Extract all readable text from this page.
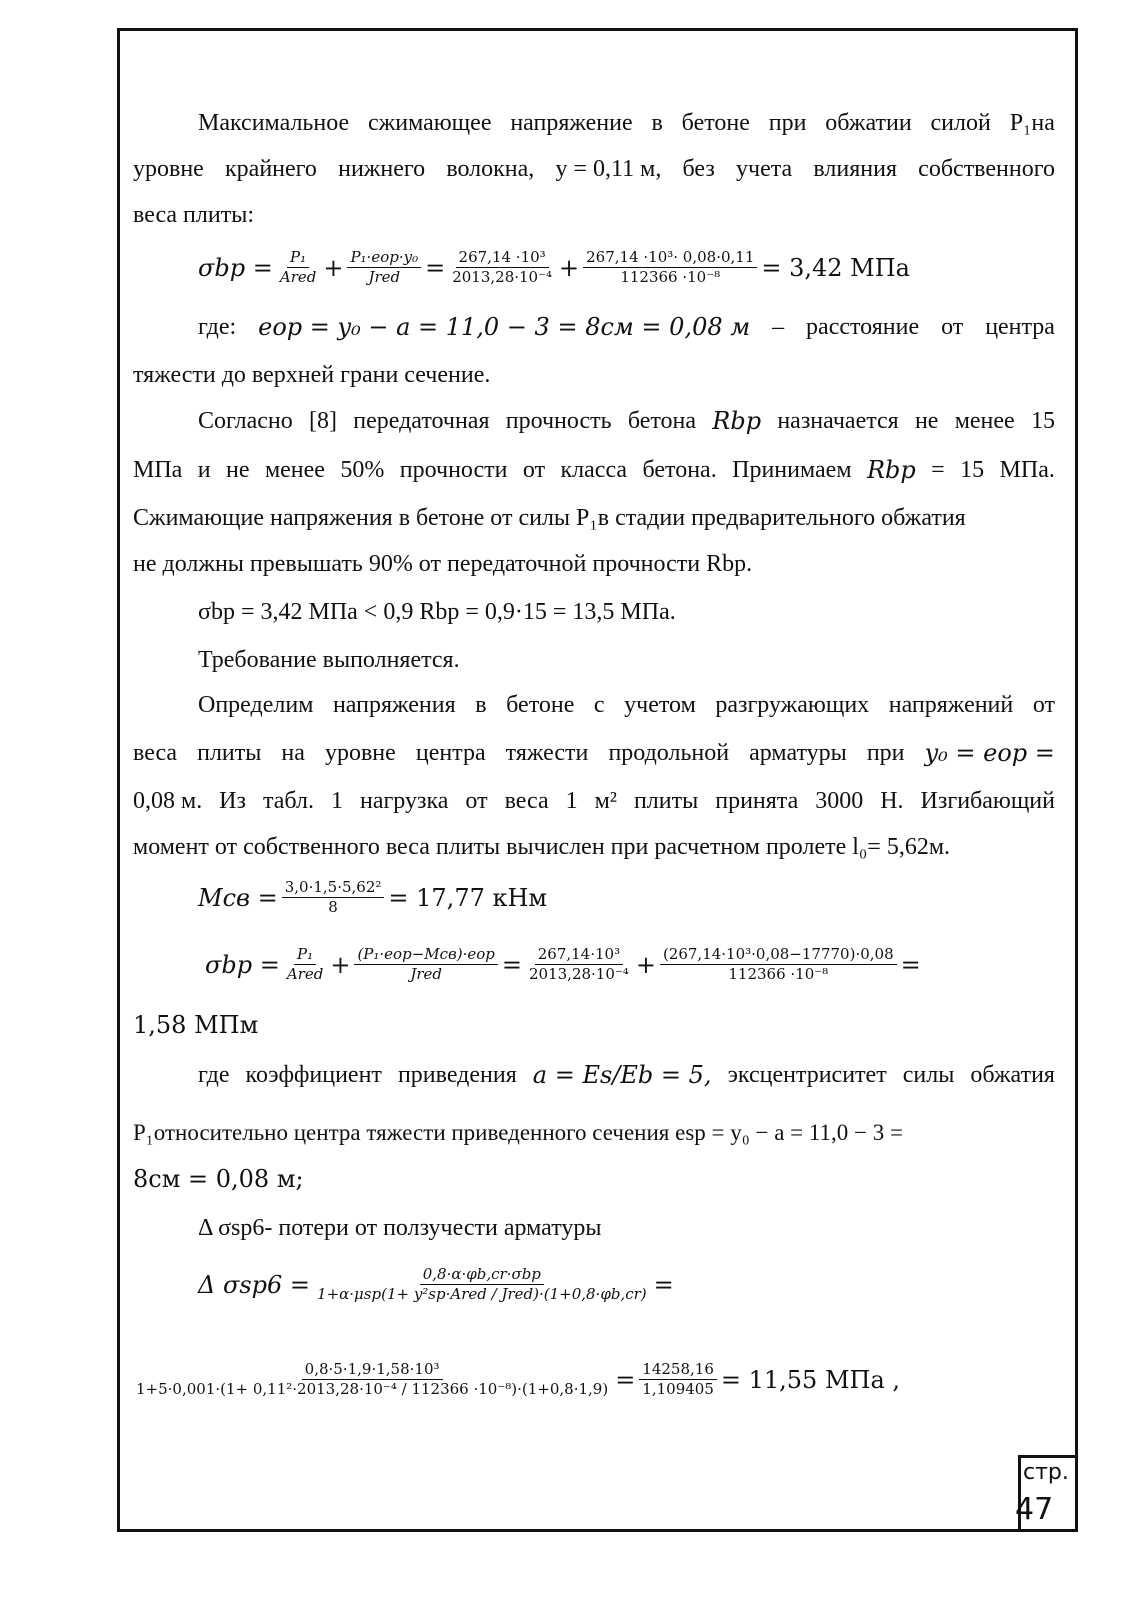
Максимальное сжимающее напряжение в бетоне при обжатии силой P₁на
уровне крайнего нижнего волокна, y = 0,11 м, без учета влияния собственного
веса плиты:
$\sigma bp = \frac{\text{P₁}}{\text{Ared}} + \frac{\text{P₁·eop·y₀}}{\text{Jred}} = \frac{\text{267,14 ·10³}}{\text{2013,28·10⁻⁴}} + \frac{\text{267,14 ·10³· 0,08·0,11}}{\text{112366 ·10⁻⁸}} = 3,42$ МПа
где: eop = y₀ − a = 11,0 − 3 = 8см = 0,08 м – расстояние от центра
тяжести до верхней грани сечение.
Согласно [8] передаточная прочность бетона Rbp назначается не менее 15
МПа и не менее 50% прочности от класса бетона. Принимаем Rbp = 15 МПа.
Сжимающие напряжения в бетоне от силы P₁в стадии предварительного обжатия
не должны превышать 90% от передаточной прочности Rbp.
σbp = 3,42 МПа < 0,9 Rbp = 0,9·15 = 13,5 МПа.
Требование выполняется.
Определим напряжения в бетоне с учетом разгружающих напряжений от
веса плиты на уровне центра тяжести продольной арматуры при y₀ = eop =
0,08 м. Из табл. 1 нагрузка от веса 1 м² плиты принята 3000 Н. Изгибающий
момент от собственного веса плиты вычислен при расчетном пролете l₀= 5,62м.
Mсв = $\frac{\text{3,0·1,5·5,62²}}{8} = 17,77$ кНм
$\sigma bp = \frac{\text{P₁}}{\text{Ared}} + \frac{\text{(P₁·eop−Mсв)·eop}}{\text{Jred}} = \frac{\text{267,14·10³}}{\text{2013,28·10⁻⁴}} + \frac{\text{(267,14·10³·0,08−17770)·0,08}}{\text{112366 ·10⁻⁸}}$ =
1,58 МПм
где коэффициент приведения a = Es/Eb = 5, эксцентриситет силы обжатия
P₁относительно центра тяжести приведенного сечения esp = y₀ − a = 11,0 − 3 =
8см = 0,08 м;
Δ σsp6- потери от ползучести арматуры
Δ $\sigma sp6 = \frac{\text{0,8·α·φb,cr·σbp}}{\text{1+α·μsp(1+ y²sp·Ared / Jred)·(1+0,8·φb,cr)}}$ =
$\frac{\text{0,8·5·1,9·1,58·10³}}{\text{1+5·0,001·(1+ 0,11²·2013,28·10⁻⁴ / 112366 ·10⁻⁸)·(1+0,8·1,9)}} = \frac{14258,16}{1,109405} = 11,55$ МПа ,
стр.
47
